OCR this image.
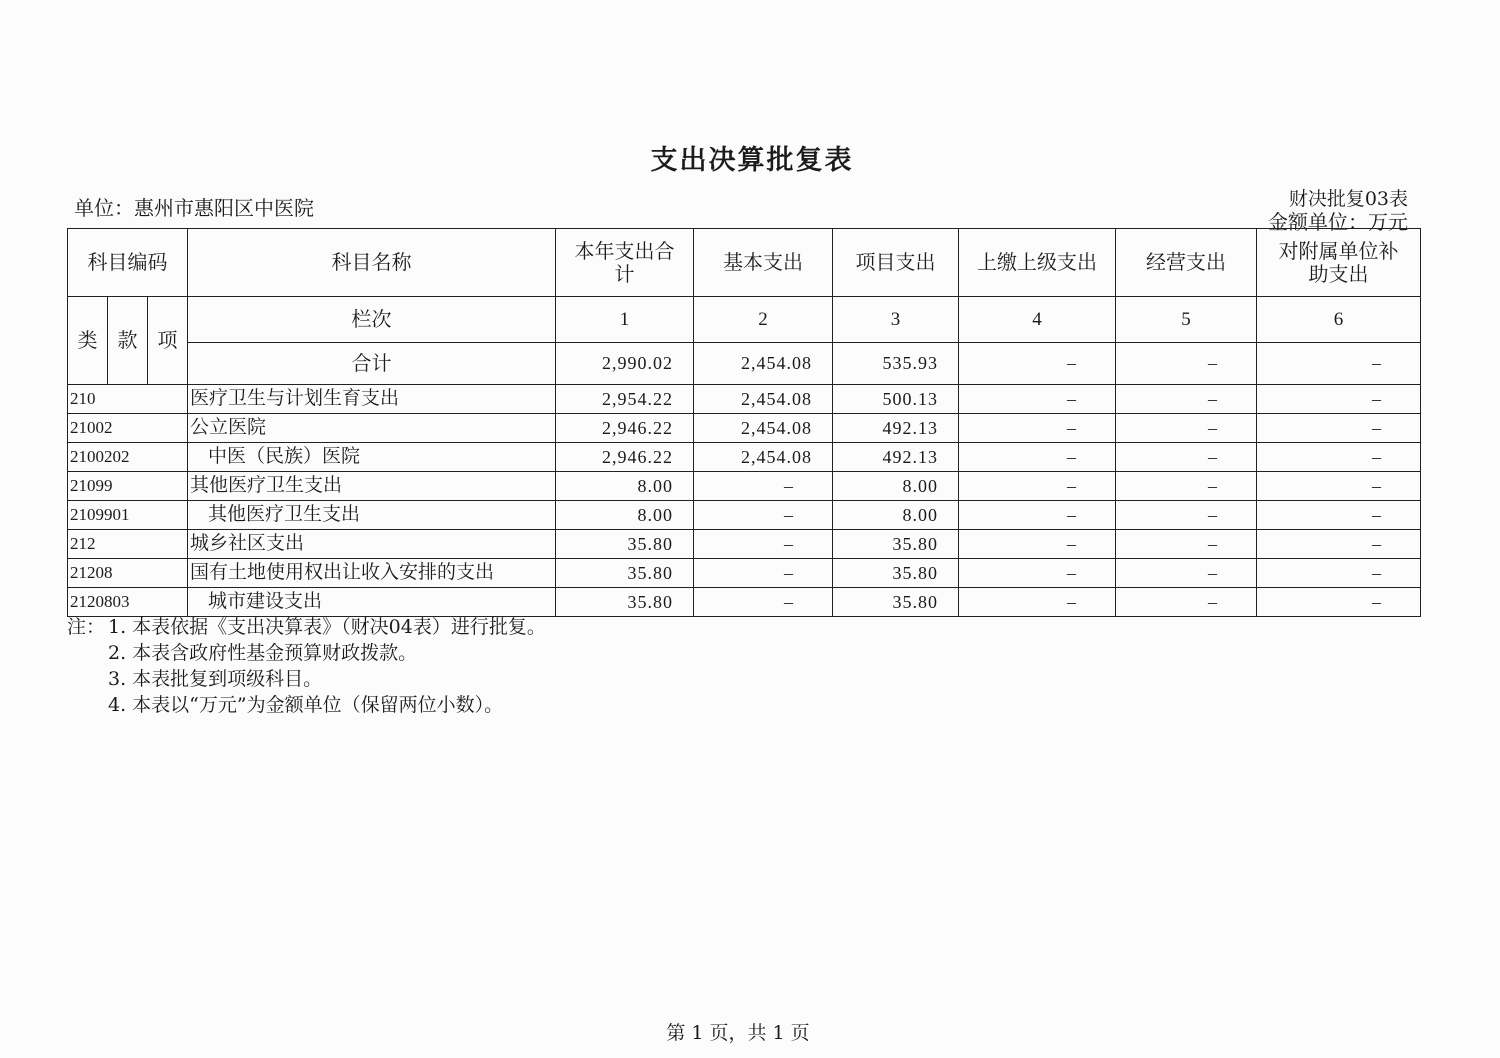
支出决算批复表
单位：惠州市惠阳区中医院	财决批复03表
金额单位：万元
科目编码			科目名称	本年支出合计	基本支出	项目支出	上缴上级支出	经营支出	对附属单位补助支出
类	款	项	栏次	1	2	3	4	5	6
			合计	2,990.02	2,454.08	535.93	–	–	–
210			医疗卫生与计划生育支出	2,954.22	2,454.08	500.13	–	–	–
21002			公立医院	2,946.22	2,454.08	492.13	–	–	–
2100202			中医（民族）医院	2,946.22	2,454.08	492.13	–	–	–
21099			其他医疗卫生支出	8.00	–	8.00	–	–	–
2109901			其他医疗卫生支出	8.00	–	8.00	–	–	–
212			城乡社区支出	35.80	–	35.80	–	–	–
21208			国有土地使用权出让收入安排的支出	35.80	–	35.80	–	–	–
2120803			城市建设支出	35.80	–	35.80	–	–	–
注： 1. 本表依据《支出决算表》（财决04表）进行批复。
2. 本表含政府性基金预算财政拨款。
3. 本表批复到项级科目。
4. 本表以“万元”为金额单位（保留两位小数）。
第 1 页，共 1 页
